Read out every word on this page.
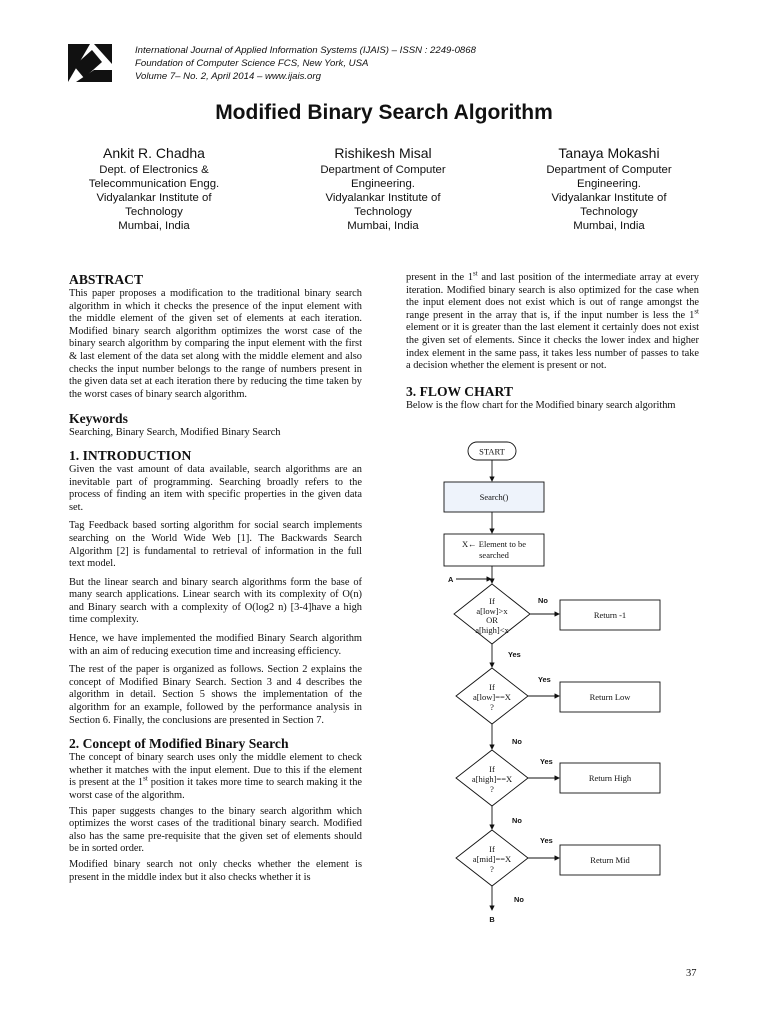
International Journal of Applied Information Systems (IJAIS) – ISSN : 2249-0868
Foundation of Computer Science FCS, New York, USA
Volume 7– No. 2, April 2014 – www.ijais.org
Modified Binary Search Algorithm
Ankit R. Chadha
Dept. of Electronics &
Telecommunication Engg.
Vidyalankar Institute of
Technology
Mumbai, India
Rishikesh Misal
Department of Computer
Engineering.
Vidyalankar Institute of
Technology
Mumbai, India
Tanaya Mokashi
Department of Computer
Engineering.
Vidyalankar Institute of
Technology
Mumbai, India
ABSTRACT

This paper proposes a modification to the traditional binary search algorithm in which it checks the presence of the input element with the middle element of the given set of elements at each iteration. Modified binary search algorithm optimizes the worst case of the binary search algorithm by comparing the input element with the first & last element of the data set along with the middle element and also checks the input number belongs to the range of numbers present in the given data set at each iteration there by reducing the time taken by the worst cases of binary search algorithm.

Keywords

Searching, Binary Search, Modified Binary Search

1. INTRODUCTION

Given the vast amount of data available, search algorithms are an inevitable part of programming. Searching broadly refers to the process of finding an item with specific properties in the given data set.

Tag Feedback based sorting algorithm for social search implements searching on the World Wide Web [1]. The Backwards Search Algorithm [2] is fundamental to retrieval of information in the full text model.

But the linear search and binary search algorithms form the base of many search applications. Linear search with its complexity of O(n) and Binary search with a complexity of O(log2 n) [3-4]have a high time complexity.

Hence, we have implemented the modified Binary Search algorithm with an aim of reducing execution time and increasing efficiency.

The rest of the paper is organized as follows. Section 2 explains the concept of Modified Binary Search. Section 3 and 4 describes the algorithm in detail. Section 5 shows the implementation of the algorithm for an example, followed by the performance analysis in Section 6. Finally, the conclusions are presented in Section 7.

2. Concept of Modified Binary Search

The concept of binary search uses only the middle element to check whether it matches with the input element. Due to this if the element is present at the 1st position it takes more time to search making it the worst case of the algorithm.

This paper suggests changes to the binary search algorithm which optimizes the worst cases of the traditional binary search. Modified also has the same pre-requisite that the given set of elements should be in sorted order.

Modified binary search not only checks whether the element is present in the middle index but it also checks whether it is

present in the 1st and last position of the intermediate array at every iteration. Modified binary search is also optimized for the case when the input element does not exist which is out of range amongst the range present in the array that is, if the input number is less the 1st element or it is greater than the last element it certainly does not exist the given set of elements. Since it checks the lower index and higher index element in the same pass, it takes less number of passes to take a decision whether the element is present or not.

3. FLOW CHART

Below is the flow chart for the Modified binary search algorithm

START
Search()
X← Element to be
searched
A
If
a[low]>x
OR
a[high]<x
No
Return -1
Yes
If
a[low]==X
?
Yes
Return Low
No
If
a[high]==X
?
Yes
Return High
No
If
a[mid]==X
?
Yes
Return Mid
No
B
37
